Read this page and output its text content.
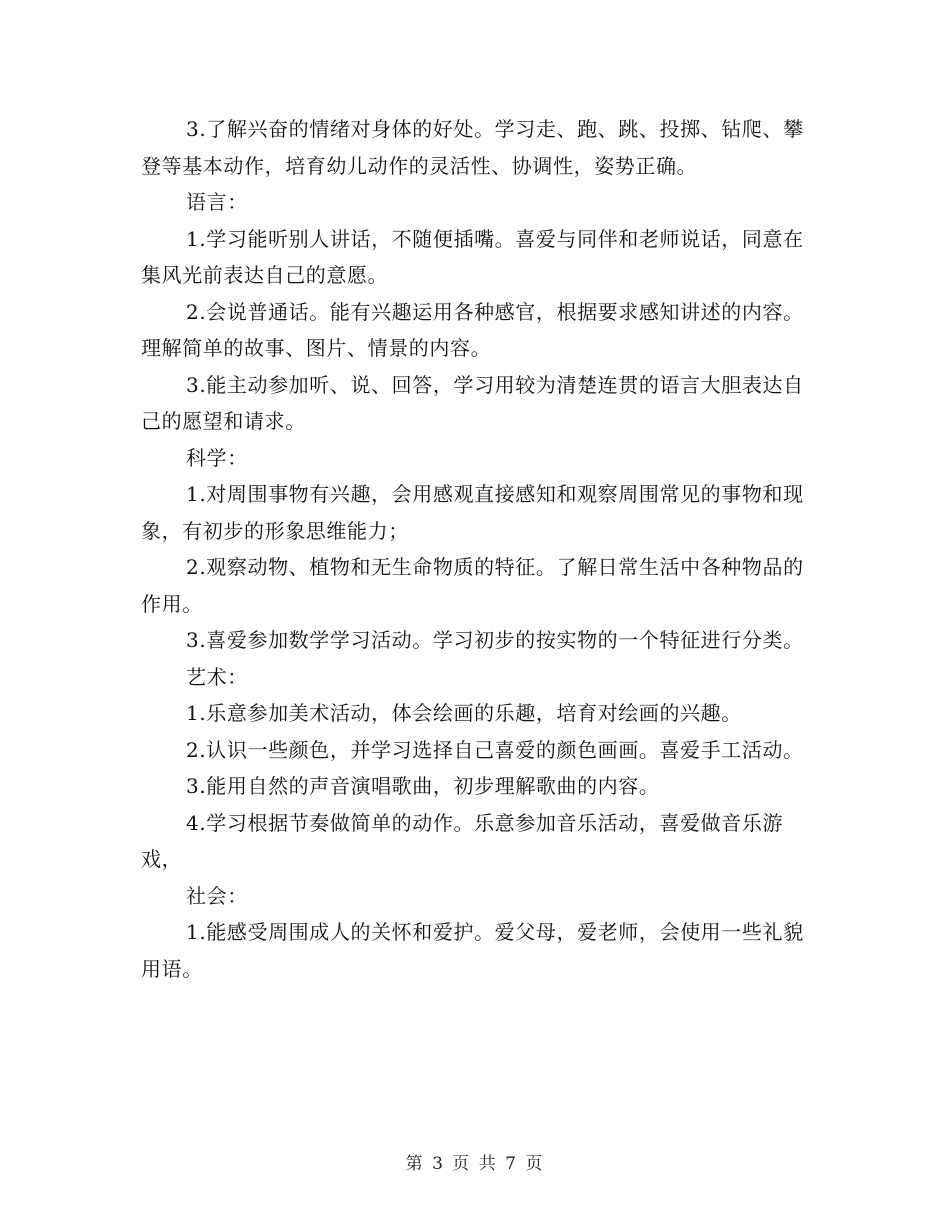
3.了解兴奋的情绪对身体的好处。学习走、跑、跳、投掷、钻爬、攀登等基本动作，培育幼儿动作的灵活性、协调性，姿势正确。

语言：

1.学习能听别人讲话，不随便插嘴。喜爱与同伴和老师说话，同意在集风光前表达自己的意愿。

2.会说普通话。能有兴趣运用各种感官，根据要求感知讲述的内容。理解简单的故事、图片、情景的内容。

3.能主动参加听、说、回答，学习用较为清楚连贯的语言大胆表达自己的愿望和请求。

科学：

1.对周围事物有兴趣，会用感观直接感知和观察周围常见的事物和现象，有初步的形象思维能力；

2.观察动物、植物和无生命物质的特征。了解日常生活中各种物品的作用。

3.喜爱参加数学学习活动。学习初步的按实物的一个特征进行分类。

艺术：

1.乐意参加美术活动，体会绘画的乐趣，培育对绘画的兴趣。

2.认识一些颜色，并学习选择自己喜爱的颜色画画。喜爱手工活动。

3.能用自然的声音演唱歌曲，初步理解歌曲的内容。

4.学习根据节奏做简单的动作。乐意参加音乐活动，喜爱做音乐游戏，

社会：

1.能感受周围成人的关怀和爱护。爱父母，爱老师，会使用一些礼貌用语。

第 3 页 共 7 页
